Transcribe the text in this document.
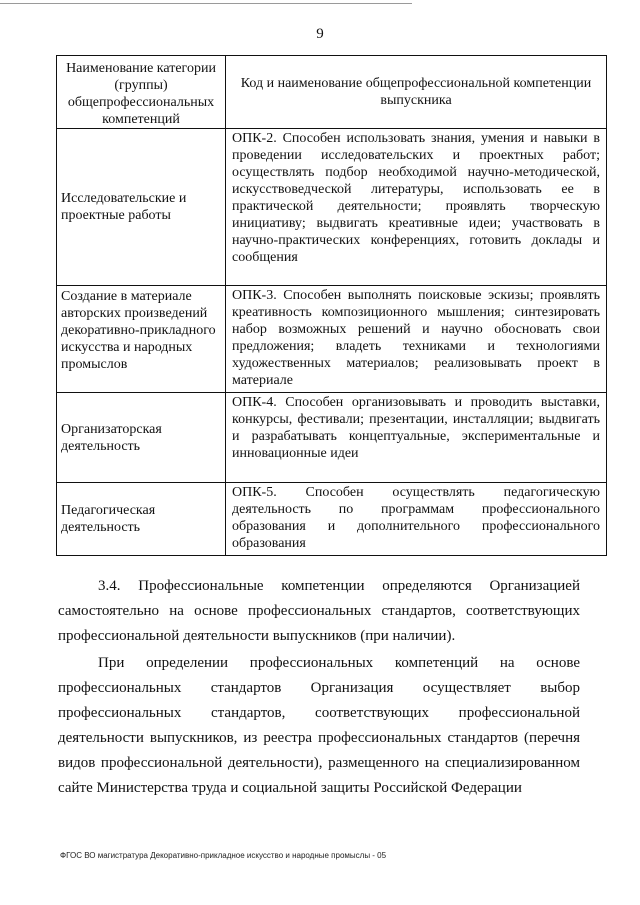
9
Наименование категории (группы) общепрофессиональных компетенций	Код и наименование общепрофессиональной компетенции выпускника
Исследовательские и проектные работы	ОПК-2. Способен использовать знания, умения и навыки в проведении исследовательских и проектных работ; осуществлять подбор необходимой научно-методической, искусствоведческой литературы, использовать ее в практической деятельности; проявлять творческую инициативу; выдвигать креативные идеи; участвовать в научно-практических конференциях, готовить доклады и сообщения
Создание в материале авторских произведений декоративно-прикладного искусства и народных промыслов	ОПК-3. Способен выполнять поисковые эскизы; проявлять креативность композиционного мышления; синтезировать набор возможных решений и научно обосновать свои предложения; владеть техниками и технологиями художественных материалов; реализовывать проект в материале
Организаторская деятельность	ОПК-4. Способен организовывать и проводить выставки, конкурсы, фестивали; презентации, инсталляции; выдвигать и разрабатывать концептуальные, экспериментальные и инновационные идеи
Педагогическая деятельность	ОПК-5. Способен осуществлять педагогическую деятельность по программам профессионального образования и дополнительного профессионального образования

3.4. Профессиональные компетенции определяются Организацией самостоятельно на основе профессиональных стандартов, соответствующих профессиональной деятельности выпускников (при наличии).

При определении профессиональных компетенций на основе профессиональных стандартов Организация осуществляет выбор профессиональных стандартов, соответствующих профессиональной деятельности выпускников, из реестра профессиональных стандартов (перечня видов профессиональной деятельности), размещенного на специализированном сайте Министерства труда и социальной защиты Российской Федерации

ФГОС ВО магистратура Декоративно-прикладное искусство и народные промыслы - 05
